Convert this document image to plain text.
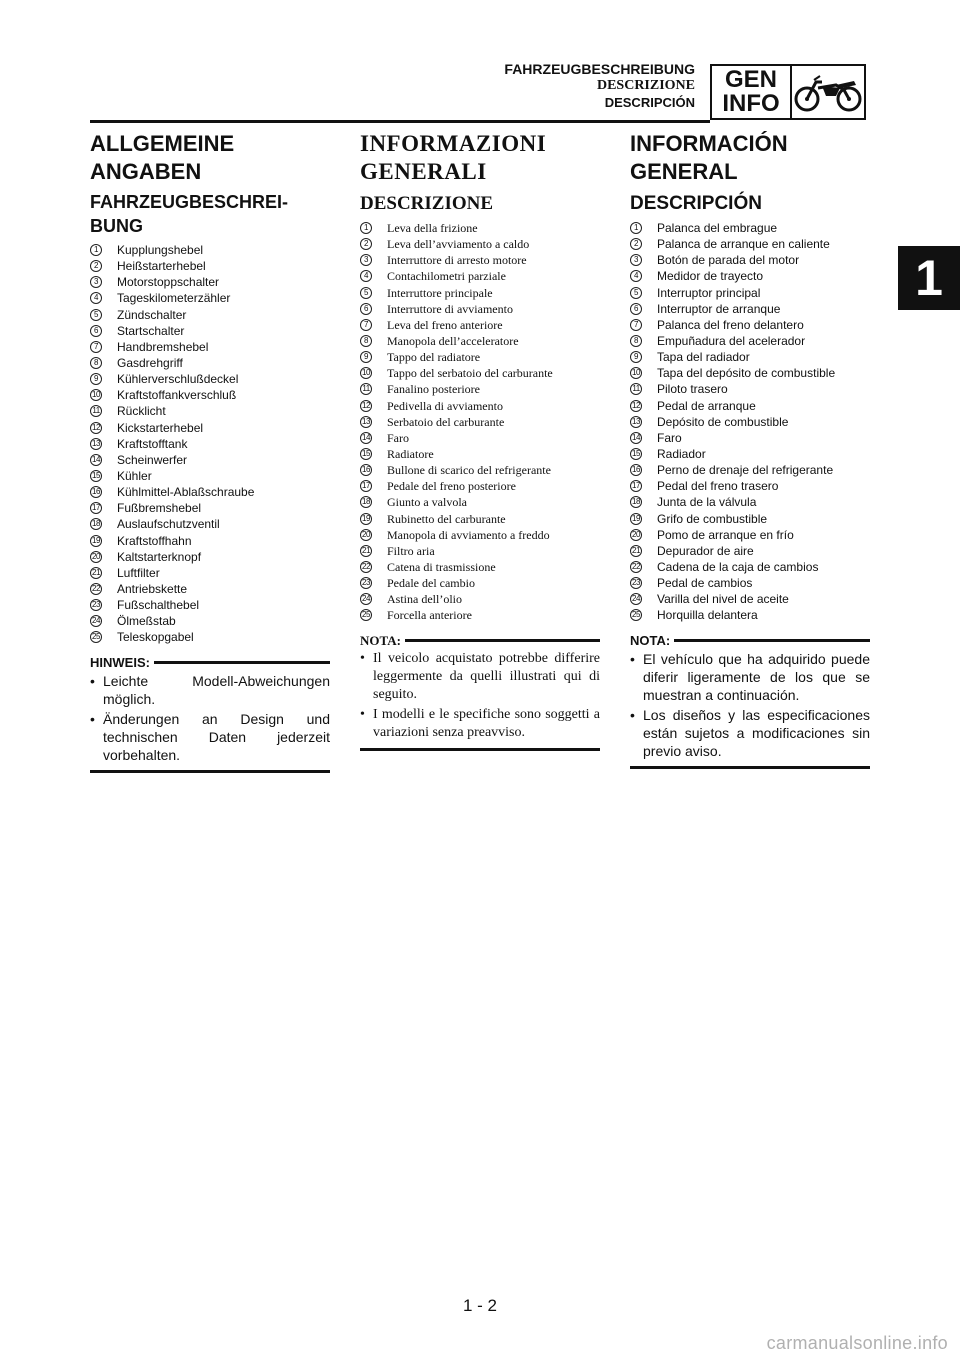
FAHRZEUGBESCHREIBUNG
DESCRIZIONE
DESCRIPCIÓN
GEN
INFO
1
ALLGEMEINE
ANGABEN
FAHRZEUGBESCHREI-
BUNG
1	Kupplungshebel
2	Heißstarterhebel
3	Motorstoppschalter
4	Tageskilometerzähler
5	Zündschalter
6	Startschalter
7	Handbremshebel
8	Gasdrehgriff
9	Kühlerverschlußdeckel
10 Kraftstoffankverschluß
11 Rücklicht
12 Kickstarterhebel
13 Kraftstofftank
14 Scheinwerfer
15 Kühler
16 Kühlmittel-Ablaßschraube
17 Fußbremshebel
18 Auslaufschutzventil
19 Kraftstoffhahn
20 Kaltstarterknopf
21 Luftfilter
22 Antriebskette
23 Fußschalthebel
24 Ölmeßstab
25 Teleskopgabel
HINWEIS:
• Leichte Modell-Abweichungen möglich.
• Änderungen an Design und technischen Daten jederzeit vorbehalten.
INFORMAZIONI
GENERALI
DESCRIZIONE
1	Leva della frizione
2	Leva dell’avviamento a caldo
3	Interruttore di arresto motore
4	Contachilometri parziale
5	Interruttore principale
6	Interruttore di avviamento
7	Leva del freno anteriore
8	Manopola dell’acceleratore
9	Tappo del radiatore
10 Tappo del serbatoio del carburante
11 Fanalino posteriore
12 Pedivella di avviamento
13 Serbatoio del carburante
14 Faro
15 Radiatore
16 Bullone di scarico del refrigerante
17 Pedale del freno posteriore
18 Giunto a valvola
19 Rubinetto del carburante
20 Manopola di avviamento a freddo
21 Filtro aria
22 Catena di trasmissione
23 Pedale del cambio
24 Astina dell’olio
25 Forcella anteriore
NOTA:
• Il veicolo acquistato potrebbe differire leggermente da quelli illustrati qui di seguito.
• I modelli e le specifiche sono soggetti a variazioni senza preavviso.
INFORMACIÓN
GENERAL
DESCRIPCIÓN
1	Palanca del embrague
2	Palanca de arranque en caliente
3	Botón de parada del motor
4	Medidor de trayecto
5	Interruptor principal
6	Interruptor de arranque
7	Palanca del freno delantero
8	Empuñadura del acelerador
9	Tapa del radiador
10 Tapa del depósito de combustible
11 Piloto trasero
12 Pedal de arranque
13 Depósito de combustible
14 Faro
15 Radiador
16 Perno de drenaje del refrigerante
17 Pedal del freno trasero
18 Junta de la válvula
19 Grifo de combustible
20 Pomo de arranque en frío
21 Depurador de aire
22 Cadena de la caja de cambios
23 Pedal de cambios
24 Varilla del nivel de aceite
25 Horquilla delantera
NOTA:
• El vehículo que ha adquirido puede diferir ligeramente de los que se muestran a continuación.
• Los diseños y las especificaciones están sujetos a modificaciones sin previo aviso.
1 - 2
carmanualsonline.info
